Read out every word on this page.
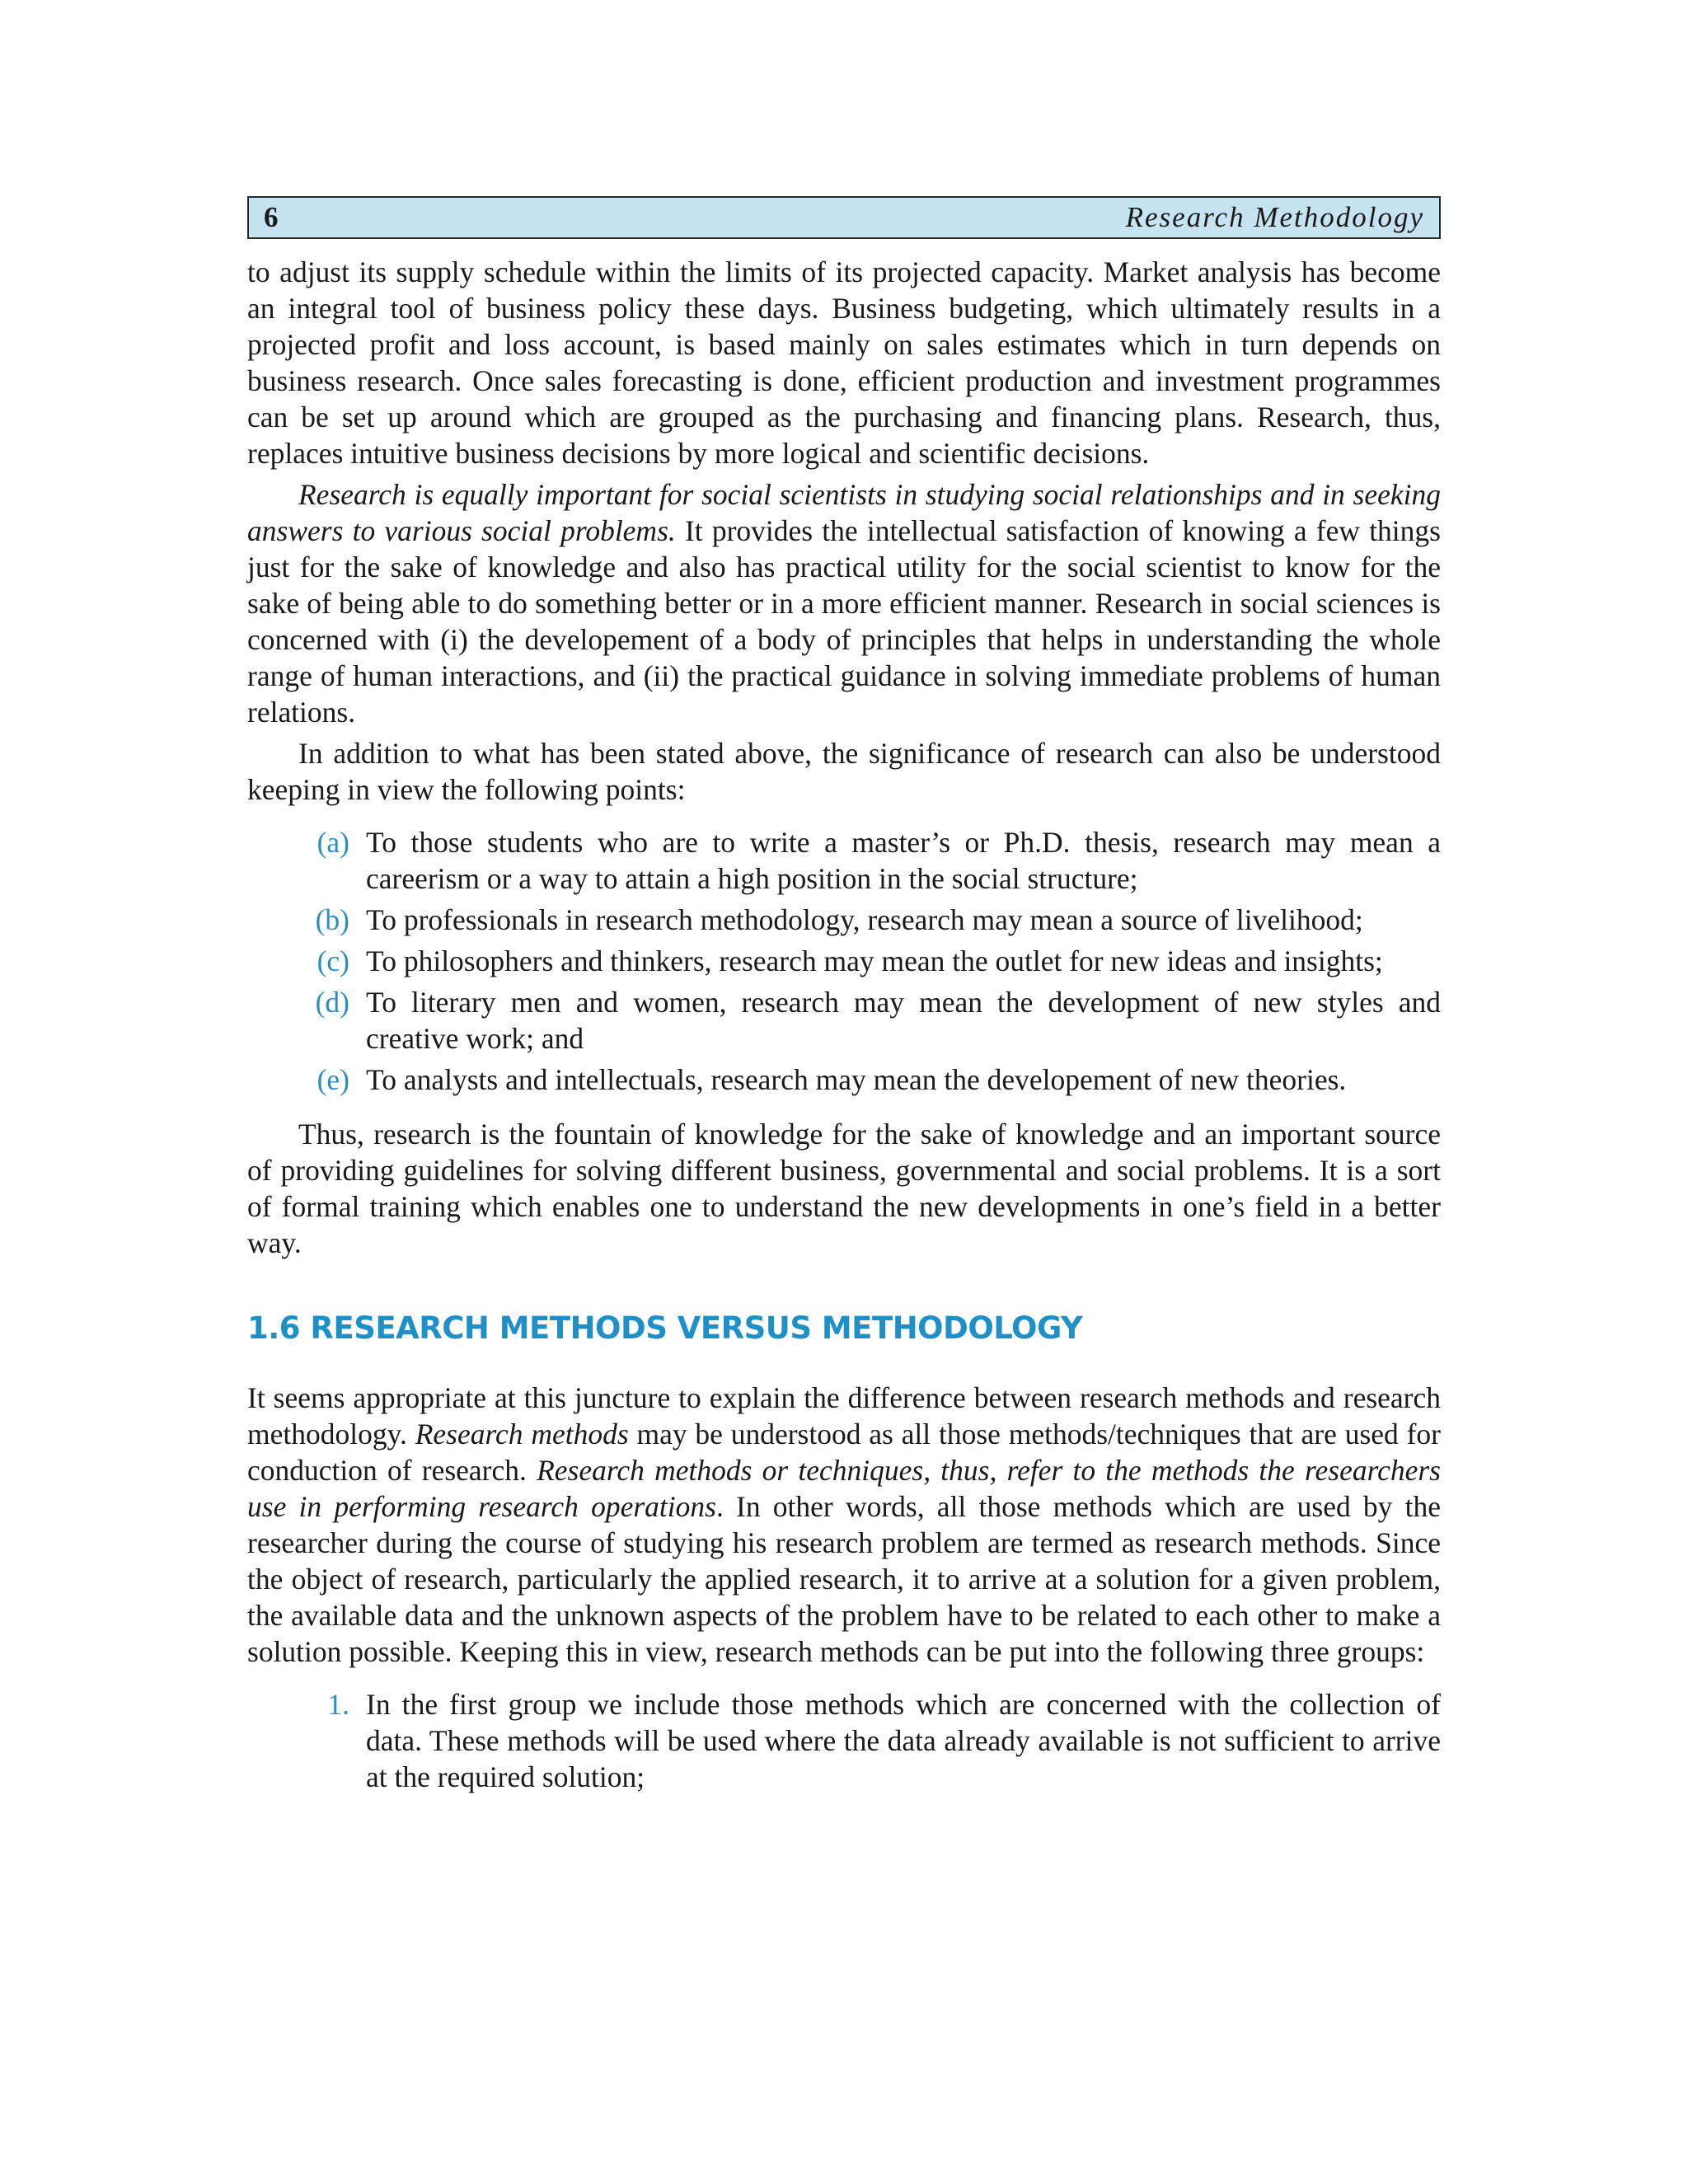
6	Research Methodology

to adjust its supply schedule within the limits of its projected capacity. Market analysis has become an integral tool of business policy these days. Business budgeting, which ultimately results in a projected profit and loss account, is based mainly on sales estimates which in turn depends on business research. Once sales forecasting is done, efficient production and investment programmes can be set up around which are grouped as the purchasing and financing plans. Research, thus, replaces intuitive business decisions by more logical and scientific decisions.

Research is equally important for social scientists in studying social relationships and in seeking answers to various social problems. It provides the intellectual satisfaction of knowing a few things just for the sake of knowledge and also has practical utility for the social scientist to know for the sake of being able to do something better or in a more efficient manner. Research in social sciences is concerned with (i) the developement of a body of principles that helps in understanding the whole range of human interactions, and (ii) the practical guidance in solving immediate problems of human relations.

In addition to what has been stated above, the significance of research can also be understood keeping in view the following points:

(a) To those students who are to write a master’s or Ph.D. thesis, research may mean a careerism or a way to attain a high position in the social structure;
(b) To professionals in research methodology, research may mean a source of livelihood;
(c) To philosophers and thinkers, research may mean the outlet for new ideas and insights;
(d) To literary men and women, research may mean the development of new styles and creative work; and
(e) To analysts and intellectuals, research may mean the developement of new theories.

Thus, research is the fountain of knowledge for the sake of knowledge and an important source of providing guidelines for solving different business, governmental and social problems. It is a sort of formal training which enables one to understand the new developments in one’s field in a better way.

1.6 RESEARCH METHODS VERSUS METHODOLOGY

It seems appropriate at this juncture to explain the difference between research methods and research methodology. Research methods may be understood as all those methods/techniques that are used for conduction of research. Research methods or techniques, thus, refer to the methods the researchers use in performing research operations. In other words, all those methods which are used by the researcher during the course of studying his research problem are termed as research methods. Since the object of research, particularly the applied research, it to arrive at a solution for a given problem, the available data and the unknown aspects of the problem have to be related to each other to make a solution possible. Keeping this in view, research methods can be put into the following three groups:

1. In the first group we include those methods which are concerned with the collection of data. These methods will be used where the data already available is not sufficient to arrive at the required solution;
